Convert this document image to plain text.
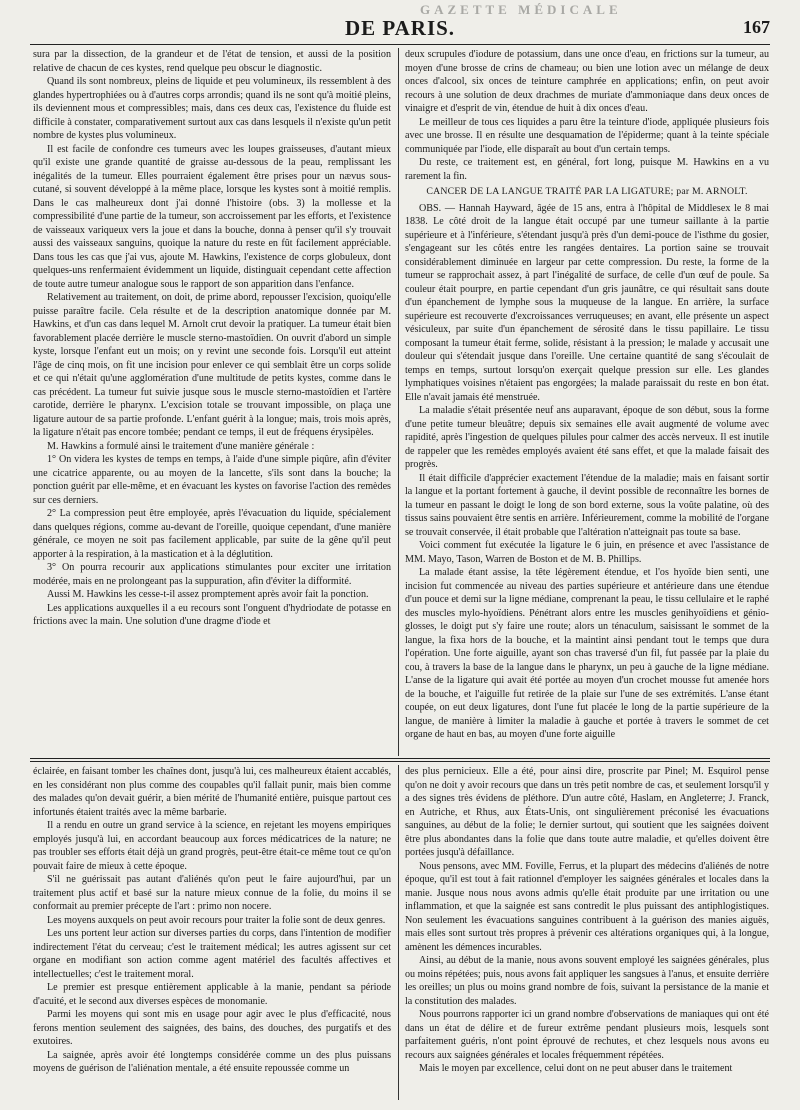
GAZETTE MÉDICALE
DE PARIS.	167

sura par la dissection, de la grandeur et de l'état de tension, et aussi de la position relative de chacun de ces kystes, rend quelque peu obscur le diagnostic.

Quand ils sont nombreux, pleins de liquide et peu volumineux, ils ressemblent à des glandes hypertrophiées ou à d'autres corps arrondis; quand ils ne sont qu'à moitié pleins, ils deviennent mous et compressibles; mais, dans ces deux cas, l'existence du fluide est difficile à constater, comparativement surtout aux cas dans lesquels il n'existe qu'un petit nombre de kystes plus volumineux.

Il est facile de confondre ces tumeurs avec les loupes graisseuses, d'autant mieux qu'il existe une grande quantité de graisse au-dessous de la peau, remplissant les inégalités de la tumeur. Elles pourraient également être prises pour un nævus sous-cutané, si souvent développé à la même place, lorsque les kystes sont à moitié remplis. Dans le cas malheureux dont j'ai donné l'histoire (obs. 3) la mollesse et la compressibilité d'une partie de la tumeur, son accroissement par les efforts, et l'existence de vaisseaux variqueux vers la joue et dans la bouche, donna à penser qu'il s'y trouvait aussi des vaisseaux sanguins, quoique la nature du reste en fût facilement appréciable. Dans tous les cas que j'ai vus, ajoute M. Hawkins, l'existence de corps globuleux, dont quelques-uns renfermaient évidemment un liquide, distinguait cependant cette affection de toute autre tumeur analogue sous le rapport de son apparition dans l'enfance.

Relativement au traitement, on doit, de prime abord, repousser l'excision, quoiqu'elle puisse paraître facile. Cela résulte et de la description anatomique donnée par M. Hawkins, et d'un cas dans lequel M. Arnolt crut devoir la pratiquer. La tumeur était bien favorablement placée derrière le muscle sterno-mastoïdien. On ouvrit d'abord un simple kyste, lorsque l'enfant eut un mois; on y revint une seconde fois. Lorsqu'il eut atteint l'âge de cinq mois, on fit une incision pour enlever ce qui semblait être un corps solide et ce qui n'était qu'une agglomération d'une multitude de petits kystes, comme dans le cas précédent. La tumeur fut suivie jusque sous le muscle sterno-mastoïdien et l'artère carotide, derrière le pharynx. L'excision totale se trouvant impossible, on plaça une ligature autour de sa partie profonde. L'enfant guérit à la longue; mais, trois mois après, la ligature n'était pas encore tombée; pendant ce temps, il eut de fréquens érysipèles.

M. Hawkins a formulé ainsi le traitement d'une manière générale :

1° On videra les kystes de temps en temps, à l'aide d'une simple piqûre, afin d'éviter une cicatrice apparente, ou au moyen de la lancette, s'ils sont dans la bouche; la ponction guérit par elle-même, et en évacuant les kystes on favorise l'action des remèdes sur ces derniers.

2° La compression peut être employée, après l'évacuation du liquide, spécialement dans quelques régions, comme au-devant de l'oreille, quoique cependant, d'une manière générale, ce moyen ne soit pas facilement applicable, par suite de la gêne qu'il peut apporter à la respiration, à la mastication et à la déglutition.

3° On pourra recourir aux applications stimulantes pour exciter une irritation modérée, mais en ne prolongeant pas la suppuration, afin d'éviter la difformité.

Aussi M. Hawkins les cesse-t-il assez promptement après avoir fait la ponction.

Les applications auxquelles il a eu recours sont l'onguent d'hydriodate de potasse en frictions avec la main. Une solution d'une dragme d'iode et

deux scrupules d'iodure de potassium, dans une once d'eau, en frictions sur la tumeur, au moyen d'une brosse de crins de chameau; ou bien une lotion avec un mélange de deux onces d'alcool, six onces de teinture camphrée en applications; enfin, on peut avoir recours à une solution de deux drachmes de muriate d'ammoniaque dans deux onces de vinaigre et d'esprit de vin, étendue de huit à dix onces d'eau.

Le meilleur de tous ces liquides a paru être la teinture d'iode, appliquée plusieurs fois avec une brosse. Il en résulte une desquamation de l'épiderme; quant à la teinte spéciale communiquée par l'iode, elle disparaît au bout d'un certain temps.

Du reste, ce traitement est, en général, fort long, puisque M. Hawkins en a vu rarement la fin.

CANCER DE LA LANGUE TRAITÉ PAR LA LIGATURE; par M. ARNOLT.

OBS. — Hannah Hayward, âgée de 15 ans, entra à l'hôpital de Middlesex le 8 mai 1838. Le côté droit de la langue était occupé par une tumeur saillante à la partie supérieure et à l'inférieure, s'étendant jusqu'à près d'un demi-pouce de l'isthme du gosier, s'engageant sur les côtés entre les rangées dentaires. La portion saine se trouvait considérablement diminuée en largeur par cette compression. Du reste, la forme de la tumeur se rapprochait assez, à part l'inégalité de surface, de celle d'un œuf de poule. Sa couleur était pourpre, en partie cependant d'un gris jaunâtre, ce qui résultait sans doute d'un épanchement de lymphe sous la muqueuse de la langue. En arrière, la surface supérieure est recouverte d'excroissances verruqueuses; en avant, elle présente un aspect vésiculeux, par suite d'un épanchement de sérosité dans le tissu papillaire. Le tissu composant la tumeur était ferme, solide, résistant à la pression; le malade y accusait une douleur qui s'étendait jusque dans l'oreille. Une certaine quantité de sang s'écoulait de temps en temps, surtout lorsqu'on exerçait quelque pression sur elle. Les glandes lymphatiques voisines n'étaient pas engorgées; la malade paraissait du reste en bon état. Elle n'avait jamais été menstruée.

La maladie s'était présentée neuf ans auparavant, époque de son début, sous la forme d'une petite tumeur bleuâtre; depuis six semaines elle avait augmenté de volume avec rapidité, après l'ingestion de quelques pilules pour calmer des accès nerveux. Il est inutile de rappeler que les remèdes employés avaient été sans effet, et que la malade faisait des progrès.

Il était difficile d'apprécier exactement l'étendue de la maladie; mais en faisant sortir la langue et la portant fortement à gauche, il devint possible de reconnaître les bornes de la tumeur en passant le doigt le long de son bord externe, sous la voûte palatine, où des tissus sains pouvaient être sentis en arrière. Inférieurement, comme la mobilité de l'organe se trouvait conservée, il était probable que l'altération n'atteignait pas toute sa base.

Voici comment fut exécutée la ligature le 6 juin, en présence et avec l'assistance de MM. Mayo, Tason, Warren de Boston et de M. B. Phillips.

La malade étant assise, la tête légèrement étendue, et l'os hyoïde bien senti, une incision fut commencée au niveau des parties supérieure et antérieure dans une étendue d'un pouce et demi sur la ligne médiane, comprenant la peau, le tissu cellulaire et le raphé des muscles mylo-hyoïdiens. Pénétrant alors entre les muscles genihyoïdiens et génio-glosses, le doigt put s'y faire une route; alors un ténaculum, saisissant le sommet de la langue, la fixa hors de la bouche, et la maintint ainsi pendant tout le temps que dura l'opération. Une forte aiguille, ayant son chas traversé d'un fil, fut passée par la plaie du cou, à travers la base de la langue dans le pharynx, un peu à gauche de la ligne médiane. L'anse de la ligature qui avait été portée au moyen d'un crochet mousse fut amenée hors de la bouche, et l'aiguille fut retirée de la plaie sur l'une de ses extrémités. L'anse étant coupée, on eut deux ligatures, dont l'une fut placée le long de la partie supérieure de la langue, de manière à limiter la maladie à gauche et portée à travers le sommet de cet organe de haut en bas, au moyen d'une forte aiguille

éclairée, en faisant tomber les chaînes dont, jusqu'à lui, ces malheureux étaient accablés, en les considérant non plus comme des coupables qu'il fallait punir, mais bien comme des malades qu'on devait guérir, a bien mérité de l'humanité entière, puisque partout ces infortunés étaient traités avec la même barbarie.

Il a rendu en outre un grand service à la science, en rejetant les moyens empiriques employés jusqu'à lui, en accordant beaucoup aux forces médicatrices de la nature; ne pas troubler ses efforts était déjà un grand progrès, peut-être était-ce même tout ce qu'on pouvait faire de mieux à cette époque.

S'il ne guérissait pas autant d'aliénés qu'on peut le faire aujourd'hui, par un traitement plus actif et basé sur la nature mieux connue de la folie, du moins il se conformait au premier précepte de l'art : primo non nocere.

Les moyens auxquels on peut avoir recours pour traiter la folie sont de deux genres.

Les uns portent leur action sur diverses parties du corps, dans l'intention de modifier indirectement l'état du cerveau; c'est le traitement médical; les autres agissent sur cet organe en modifiant son action comme agent matériel des facultés affectives et intellectuelles; c'est le traitement moral.

Le premier est presque entièrement applicable à la manie, pendant sa période d'acuité, et le second aux diverses espèces de monomanie.

Parmi les moyens qui sont mis en usage pour agir avec le plus d'efficacité, nous ferons mention seulement des saignées, des bains, des douches, des purgatifs et des exutoires.

La saignée, après avoir été longtemps considérée comme un des plus puissans moyens de guérison de l'aliénation mentale, a été ensuite repoussée comme un

des plus pernicieux. Elle a été, pour ainsi dire, proscrite par Pinel; M. Esquirol pense qu'on ne doit y avoir recours que dans un très petit nombre de cas, et seulement lorsqu'il y a des signes très évidens de pléthore. D'un autre côté, Haslam, en Angleterre; J. Franck, en Autriche, et Rhus, aux États-Unis, ont singulièrement préconisé les évacuations sanguines, au début de la folie; le dernier surtout, qui soutient que les saignées doivent être plus abondantes dans la folie que dans toute autre maladie, et qu'elles doivent être portées jusqu'à défaillance.

Nous pensons, avec MM. Foville, Ferrus, et la plupart des médecins d'aliénés de notre époque, qu'il est tout à fait rationnel d'employer les saignées générales et locales dans la manie. Jusque nous nous avons admis qu'elle était produite par une irritation ou une inflammation, et que la saignée est sans contredit le plus puissant des antiphlogistiques. Non seulement les évacuations sanguines contribuent à la guérison des manies aiguës, mais elles sont surtout très propres à prévenir ces altérations organiques qui, à la longue, amènent les démences incurables.

Ainsi, au début de la manie, nous avons souvent employé les saignées générales, plus ou moins répétées; puis, nous avons fait appliquer les sangsues à l'anus, et ensuite derrière les oreilles; un plus ou moins grand nombre de fois, suivant la persistance de la manie et la constitution des malades.

Nous pourrons rapporter ici un grand nombre d'observations de maniaques qui ont été dans un état de délire et de fureur extrême pendant plusieurs mois, lesquels sont parfaitement guéris, n'ont point éprouvé de rechutes, et chez lesquels nous avons eu recours aux saignées générales et locales fréquemment répétées.

Mais le moyen par excellence, celui dont on ne peut abuser dans le traitement
